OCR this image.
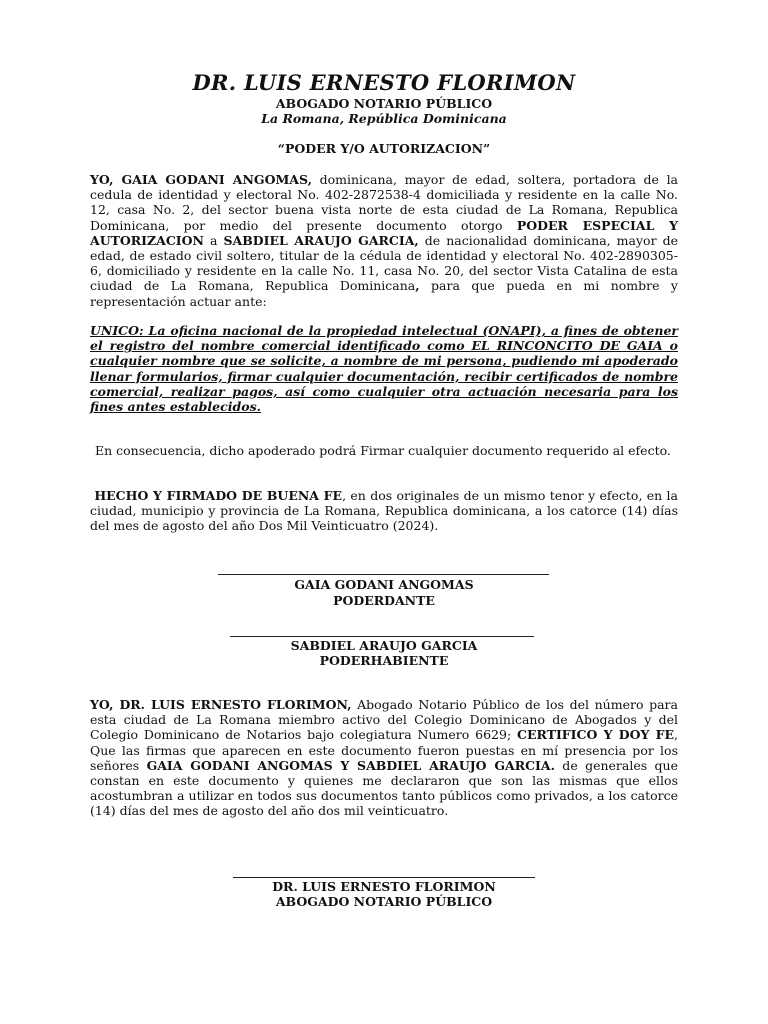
DR. LUIS ERNESTO FLORIMON
ABOGADO NOTARIO PÚBLICO
La Romana, República Dominicana
“PODER Y/O AUTORIZACION”

YO, GAIA GODANI ANGOMAS, dominicana, mayor de edad, soltera, portadora de la cedula de identidad y electoral No. 402-2872538-4 domiciliada y residente en la calle No. 12, casa No. 2, del sector buena vista norte de esta ciudad de La Romana, Republica Dominicana, por medio del presente documento otorgo PODER ESPECIAL Y AUTORIZACION a SABDIEL ARAUJO GARCIA, de nacionalidad dominicana, mayor de edad, de estado civil soltero, titular de la cédula de identidad y electoral No. 402-2890305-6, domiciliado y residente en la calle No. 11, casa No. 20, del sector Vista Catalina de esta ciudad de La Romana, Republica Dominicana, para que pueda en mi nombre y representación actuar ante:

UNICO: La oficina nacional de la propiedad intelectual (ONAPI), a fines de obtener el registro del nombre comercial identificado como EL RINCONCITO DE GAIA o cualquier nombre que se solicite, a nombre de mi persona, pudiendo mi apoderado llenar formularios, firmar cualquier documentación, recibir certificados de nombre comercial, realizar pagos, así como cualquier otra actuación necesaria para los fines antes establecidos.

En consecuencia, dicho apoderado podrá Firmar cualquier documento requerido al efecto.

HECHO Y FIRMADO DE BUENA FE, en dos originales de un mismo tenor y efecto, en la ciudad, municipio y provincia de La Romana, Republica dominicana, a los catorce (14) días del mes de agosto del año Dos Mil Veinticuatro (2024).

GAIA GODANI ANGOMAS
PODERDANTE
SABDIEL ARAUJO GARCIA
PODERHABIENTE

YO, DR. LUIS ERNESTO FLORIMON, Abogado Notario Público de los del número para esta ciudad de La Romana miembro activo del Colegio Dominicano de Abogados y del Colegio Dominicano de Notarios bajo colegiatura Numero 6629; CERTIFICO Y DOY FE, Que las firmas que aparecen en este documento fueron puestas en mí presencia por los señores GAIA GODANI ANGOMAS Y SABDIEL ARAUJO GARCIA. de generales que constan en este documento y quienes me declararon que son las mismas que ellos acostumbran a utilizar en todos sus documentos tanto públicos como privados, a los catorce (14) días del mes de agosto del año dos mil veinticuatro.

DR. LUIS ERNESTO FLORIMON
ABOGADO NOTARIO PÚBLICO
